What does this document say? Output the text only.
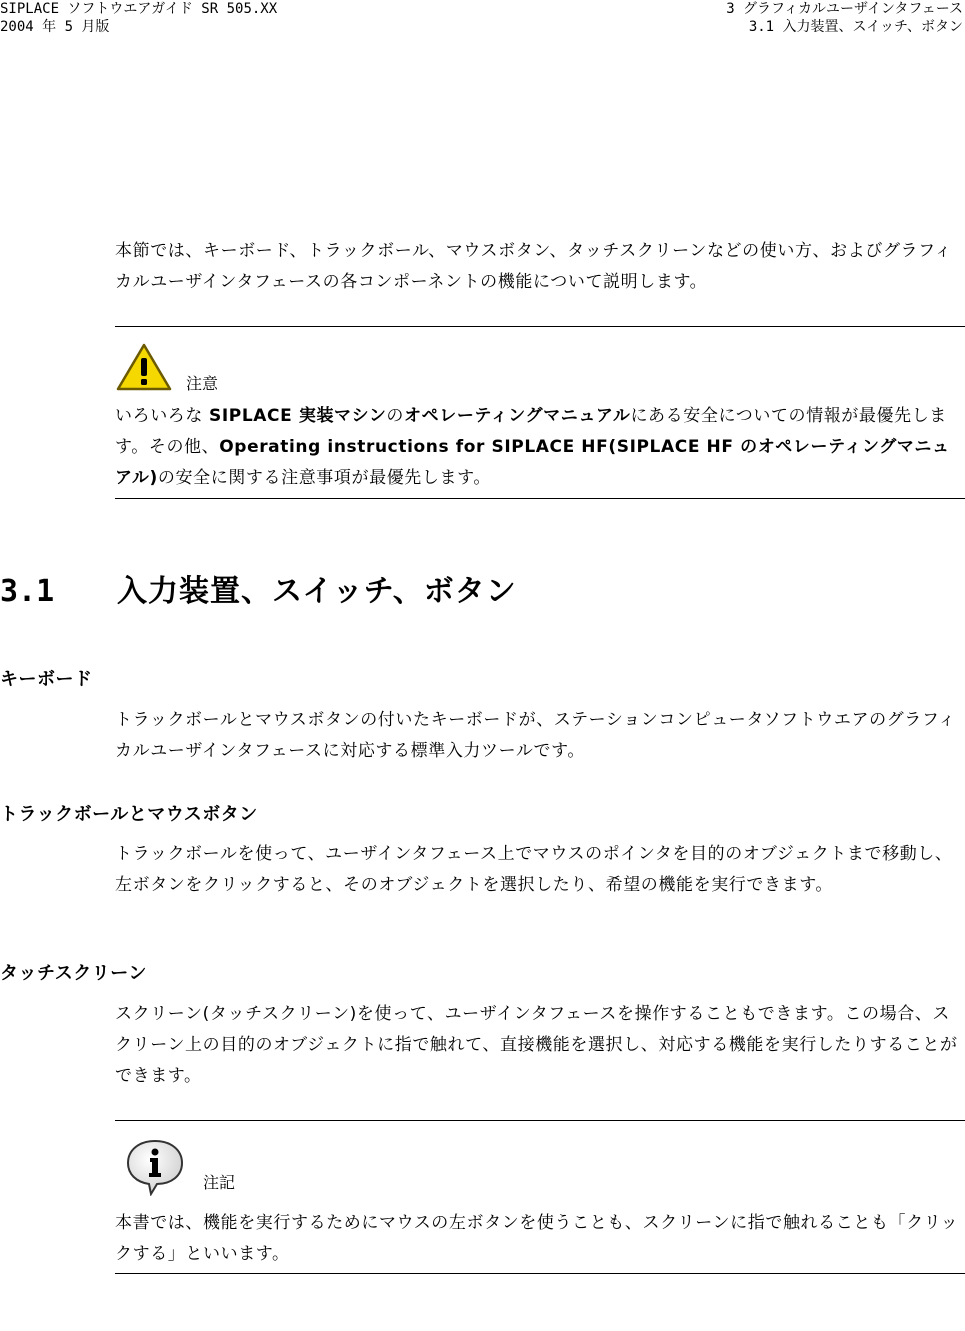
SIPLACE ソフトウエアガイド SR 505.XX
2004 年 5 月版
3 グラフィカルユーザインタフェース
3.1 入力装置、スイッチ、ボタン

本節では、キーボード、トラックボール、マウスボタン、タッチスクリーンなどの使い方、およびグラフィカルユーザインタフェースの各コンポーネントの機能について説明します。

注意

いろいろな SIPLACE 実装マシンのオペレーティングマニュアルにある安全についての情報が最優先します。その他、Operating instructions for SIPLACE HF(SIPLACE HF のオペレーティングマニュアル)の安全に関する注意事項が最優先します。

3.1 入力装置、スイッチ、ボタン
キーボード

トラックボールとマウスボタンの付いたキーボードが、ステーションコンピュータソフトウエアのグラフィカルユーザインタフェースに対応する標準入力ツールです。

トラックボールとマウスボタン

トラックボールを使って、ユーザインタフェース上でマウスのポインタを目的のオブジェクトまで移動し、左ボタンをクリックすると、そのオブジェクトを選択したり、希望の機能を実行できます。

タッチスクリーン

スクリーン(タッチスクリーン)を使って、ユーザインタフェースを操作することもできます。この場合、スクリーン上の目的のオブジェクトに指で触れて、直接機能を選択し、対応する機能を実行したりすることができます。

注記

本書では、機能を実行するためにマウスの左ボタンを使うことも、スクリーンに指で触れることも「クリックする」といいます。
